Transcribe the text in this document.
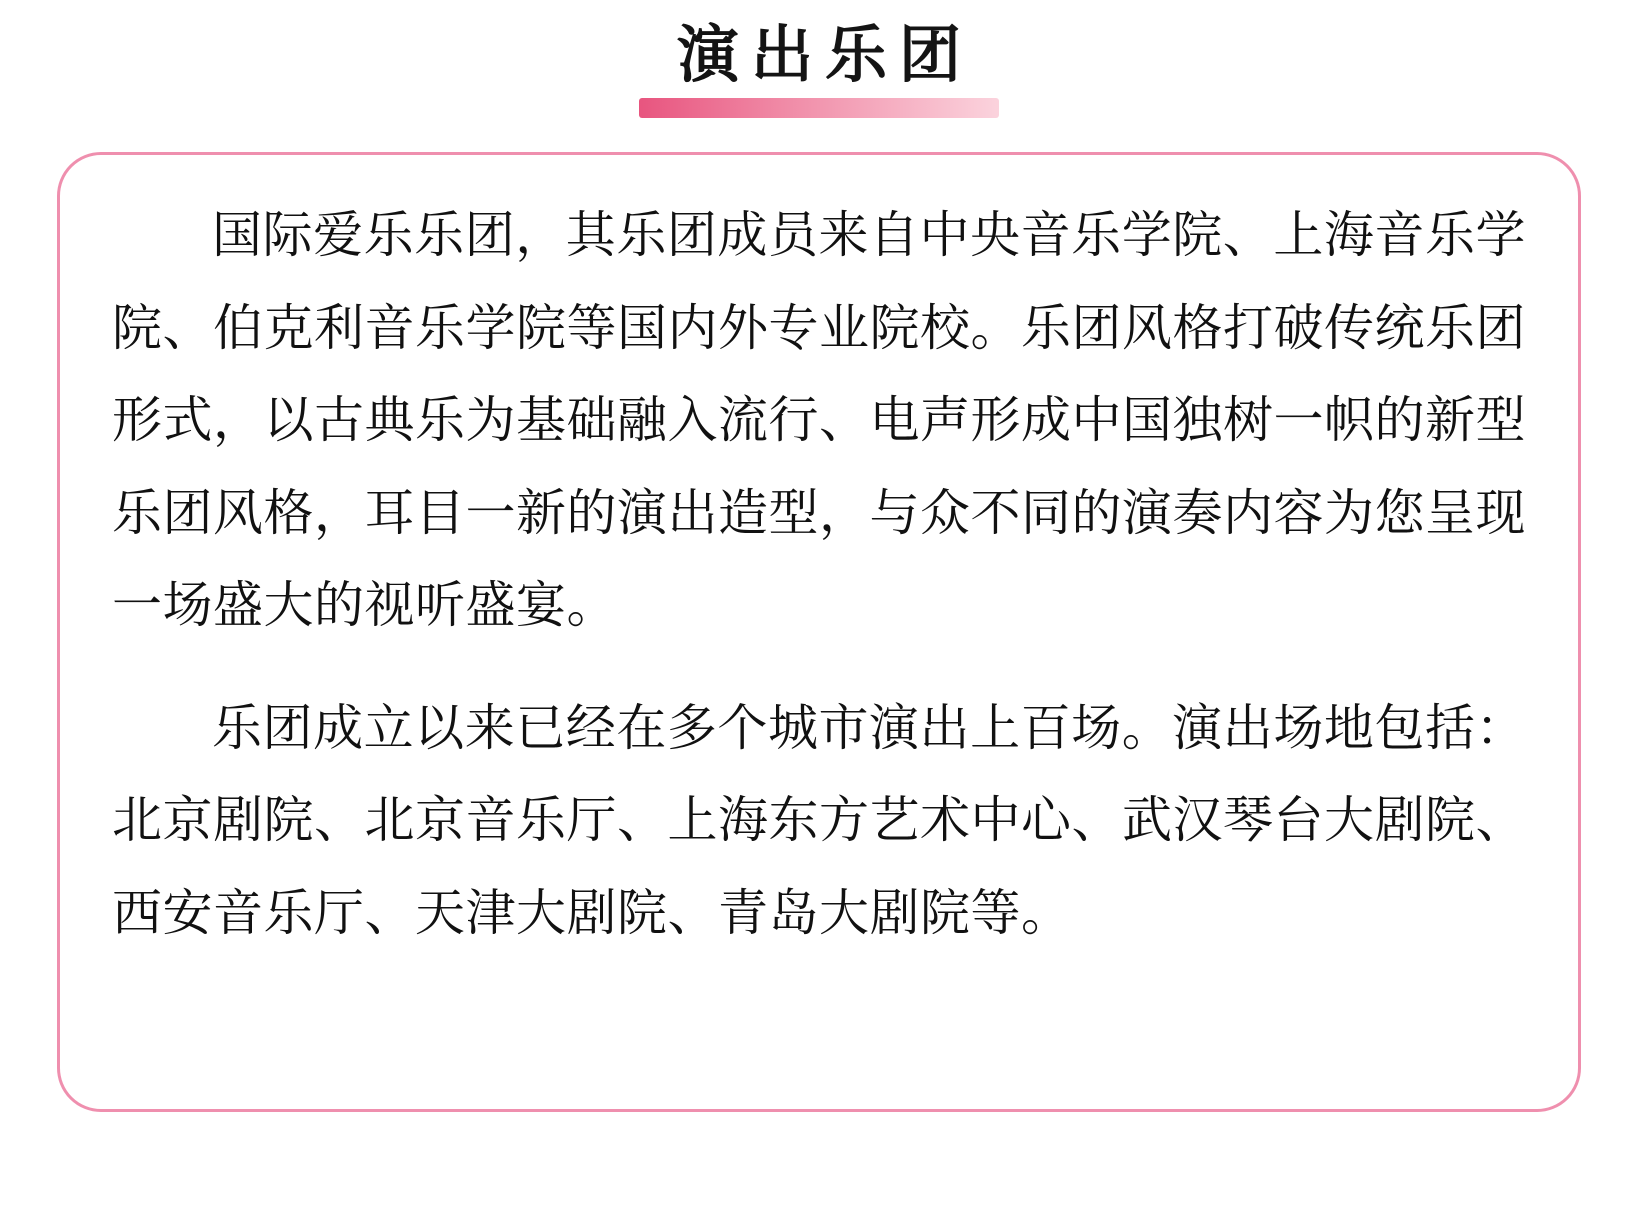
演出乐团

国际爱乐乐团，其乐团成员来自中央音乐学院、上海音乐学院、伯克利音乐学院等国内外专业院校。乐团风格打破传统乐团形式，以古典乐为基础融入流行、电声形成中国独树一帜的新型乐团风格，耳目一新的演出造型，与众不同的演奏内容为您呈现一场盛大的视听盛宴。

乐团成立以来已经在多个城市演出上百场。演出场地包括：北京剧院、北京音乐厅、上海东方艺术中心、武汉琴台大剧院、西安音乐厅、天津大剧院、青岛大剧院等。
